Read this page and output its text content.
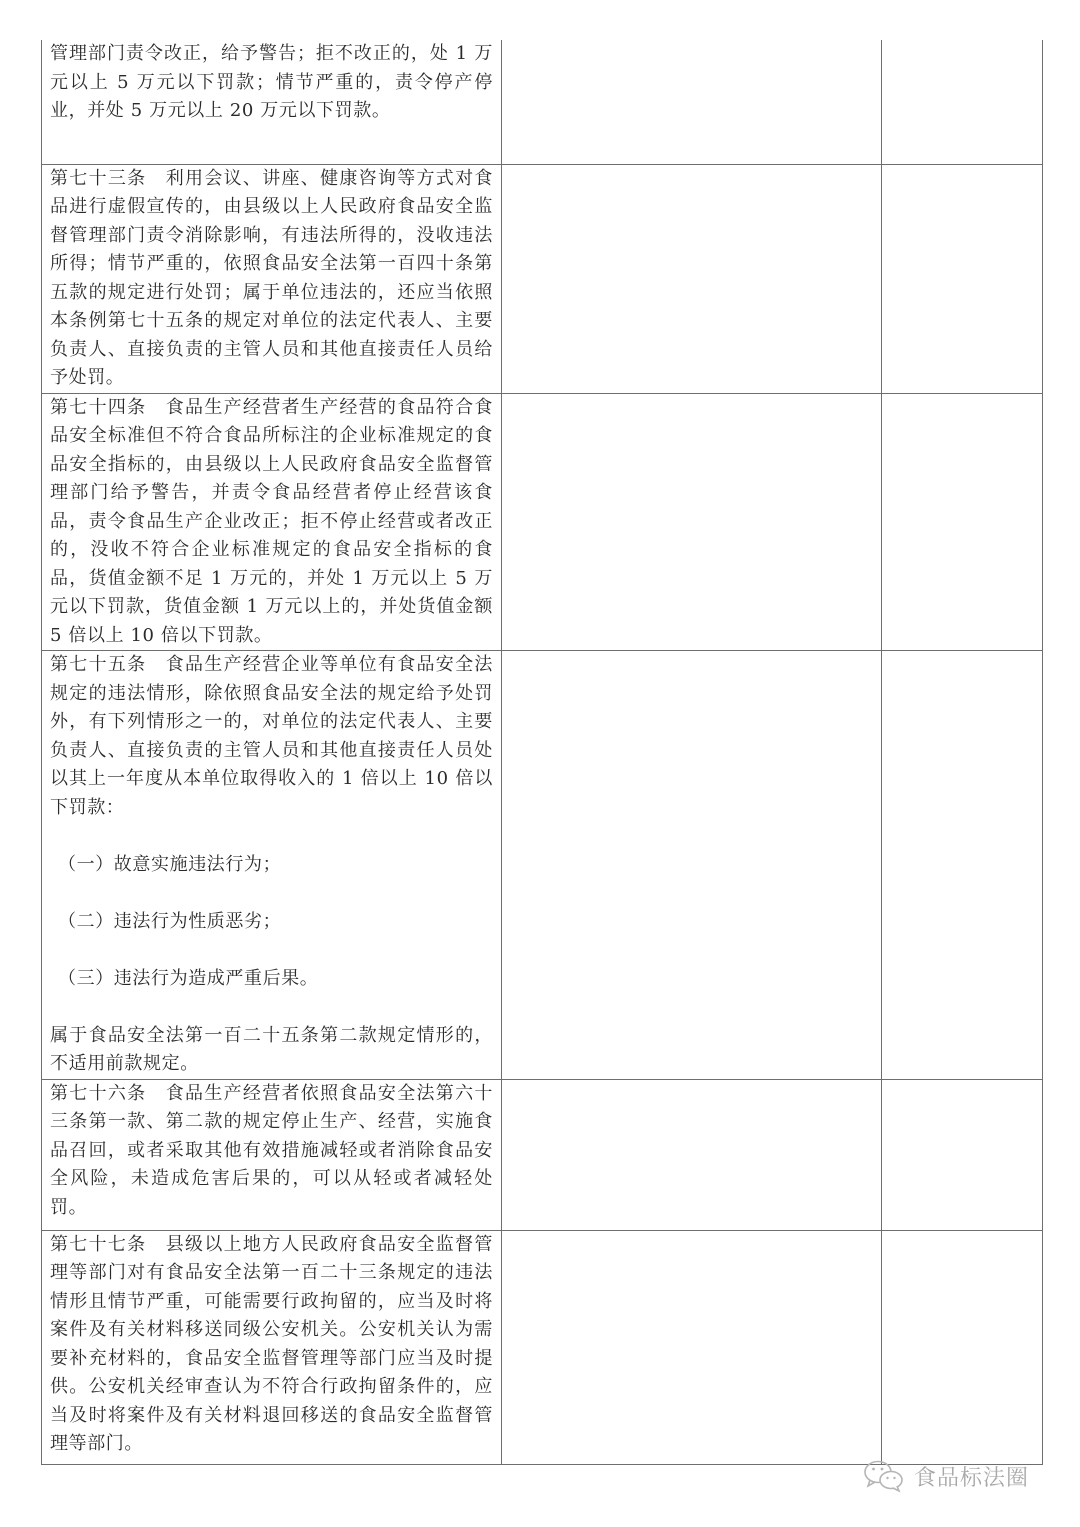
管理部门责令改正，给予警告；拒不改正的，处 1 万元以上 5 万元以下罚款；情节严重的，责令停产停业，并处 5 万元以上 20 万元以下罚款。		

第七十三条　利用会议、讲座、健康咨询等方式对食品进行虚假宣传的，由县级以上人民政府食品安全监督管理部门责令消除影响，有违法所得的，没收违法所得；情节严重的，依照食品安全法第一百四十条第五款的规定进行处罚；属于单位违法的，还应当依照本条例第七十五条的规定对单位的法定代表人、主要负责人、直接负责的主管人员和其他直接责任人员给予处罚。		

第七十四条　食品生产经营者生产经营的食品符合食品安全标准但不符合食品所标注的企业标准规定的食品安全指标的，由县级以上人民政府食品安全监督管理部门给予警告，并责令食品经营者停止经营该食品，责令食品生产企业改正；拒不停止经营或者改正的，没收不符合企业标准规定的食品安全指标的食品，货值金额不足 1 万元的，并处 1 万元以上 5 万元以下罚款，货值金额 1 万元以上的，并处货值金额 5 倍以上 10 倍以下罚款。		

第七十五条　食品生产经营企业等单位有食品安全法规定的违法情形，除依照食品安全法的规定给予处罚外，有下列情形之一的，对单位的法定代表人、主要负责人、直接负责的主管人员和其他直接责任人员处以其上一年度从本单位取得收入的 1 倍以上 10 倍以下罚款：
（一）故意实施违法行为；
（二）违法行为性质恶劣；
（三）违法行为造成严重后果。
属于食品安全法第一百二十五条第二款规定情形的，不适用前款规定。		

第七十六条　食品生产经营者依照食品安全法第六十三条第一款、第二款的规定停止生产、经营，实施食品召回，或者采取其他有效措施减轻或者消除食品安全风险，未造成危害后果的，可以从轻或者减轻处罚。		

第七十七条　县级以上地方人民政府食品安全监督管理等部门对有食品安全法第一百二十三条规定的违法情形且情节严重，可能需要行政拘留的，应当及时将案件及有关材料移送同级公安机关。公安机关认为需要补充材料的，食品安全监督管理等部门应当及时提供。公安机关经审查认为不符合行政拘留条件的，应当及时将案件及有关材料退回移送的食品安全监督管理等部门。		

食品标法圈
